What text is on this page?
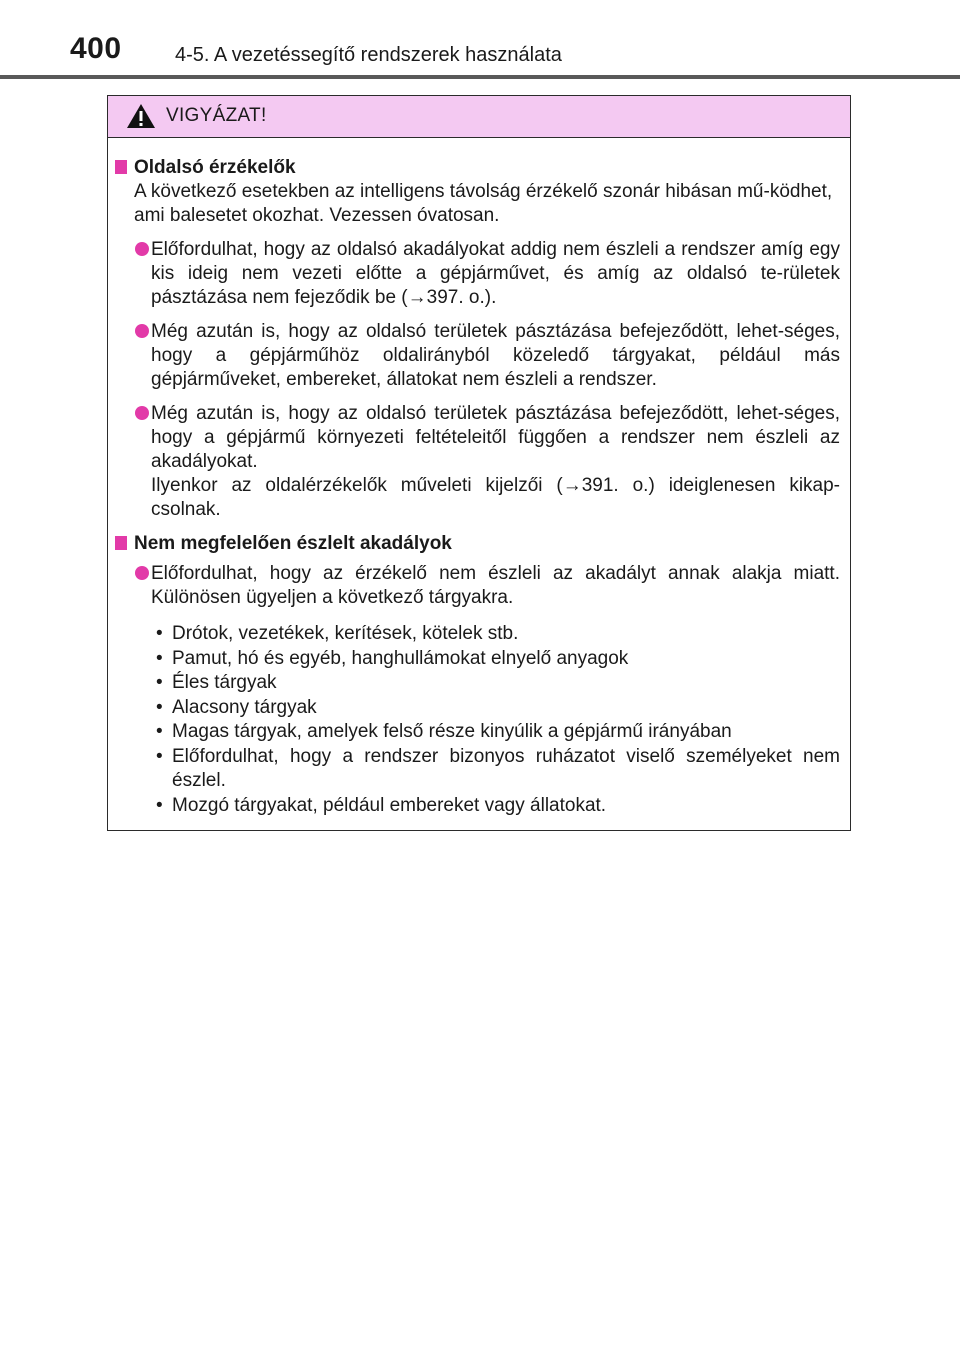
400	4-5. A vezetéssegítő rendszerek használata
VIGYÁZAT!
Oldalsó érzékelők
A következő esetekben az intelligens távolság érzékelő szonár hibásan mű-ködhet, ami balesetet okozhat. Vezessen óvatosan.
Előfordulhat, hogy az oldalsó akadályokat addig nem észleli a rendszer amíg egy kis ideig nem vezeti előtte a gépjárművet, és amíg az oldalsó te-rületek pásztázása nem fejeződik be (→397. o.).
Még azután is, hogy az oldalsó területek pásztázása befejeződött, lehet-séges, hogy a gépjárműhöz oldalirányból közeledő tárgyakat, például más gépjárműveket, embereket, állatokat nem észleli a rendszer.
Még azután is, hogy az oldalsó területek pásztázása befejeződött, lehet-séges, hogy a gépjármű környezeti feltételeitől függően a rendszer nem észleli az akadályokat.
Ilyenkor az oldalérzékelők műveleti kijelzői (→391. o.) ideiglenesen kikap-csolnak.
Nem megfelelően észlelt akadályok
Előfordulhat, hogy az érzékelő nem észleli az akadályt annak alakja miatt. Különösen ügyeljen a következő tárgyakra.
• Drótok, vezetékek, kerítések, kötelek stb.
• Pamut, hó és egyéb, hanghullámokat elnyelő anyagok
• Éles tárgyak
• Alacsony tárgyak
• Magas tárgyak, amelyek felső része kinyúlik a gépjármű irányában
• Előfordulhat, hogy a rendszer bizonyos ruházatot viselő személyeket nem észlel.
• Mozgó tárgyakat, például embereket vagy állatokat.
